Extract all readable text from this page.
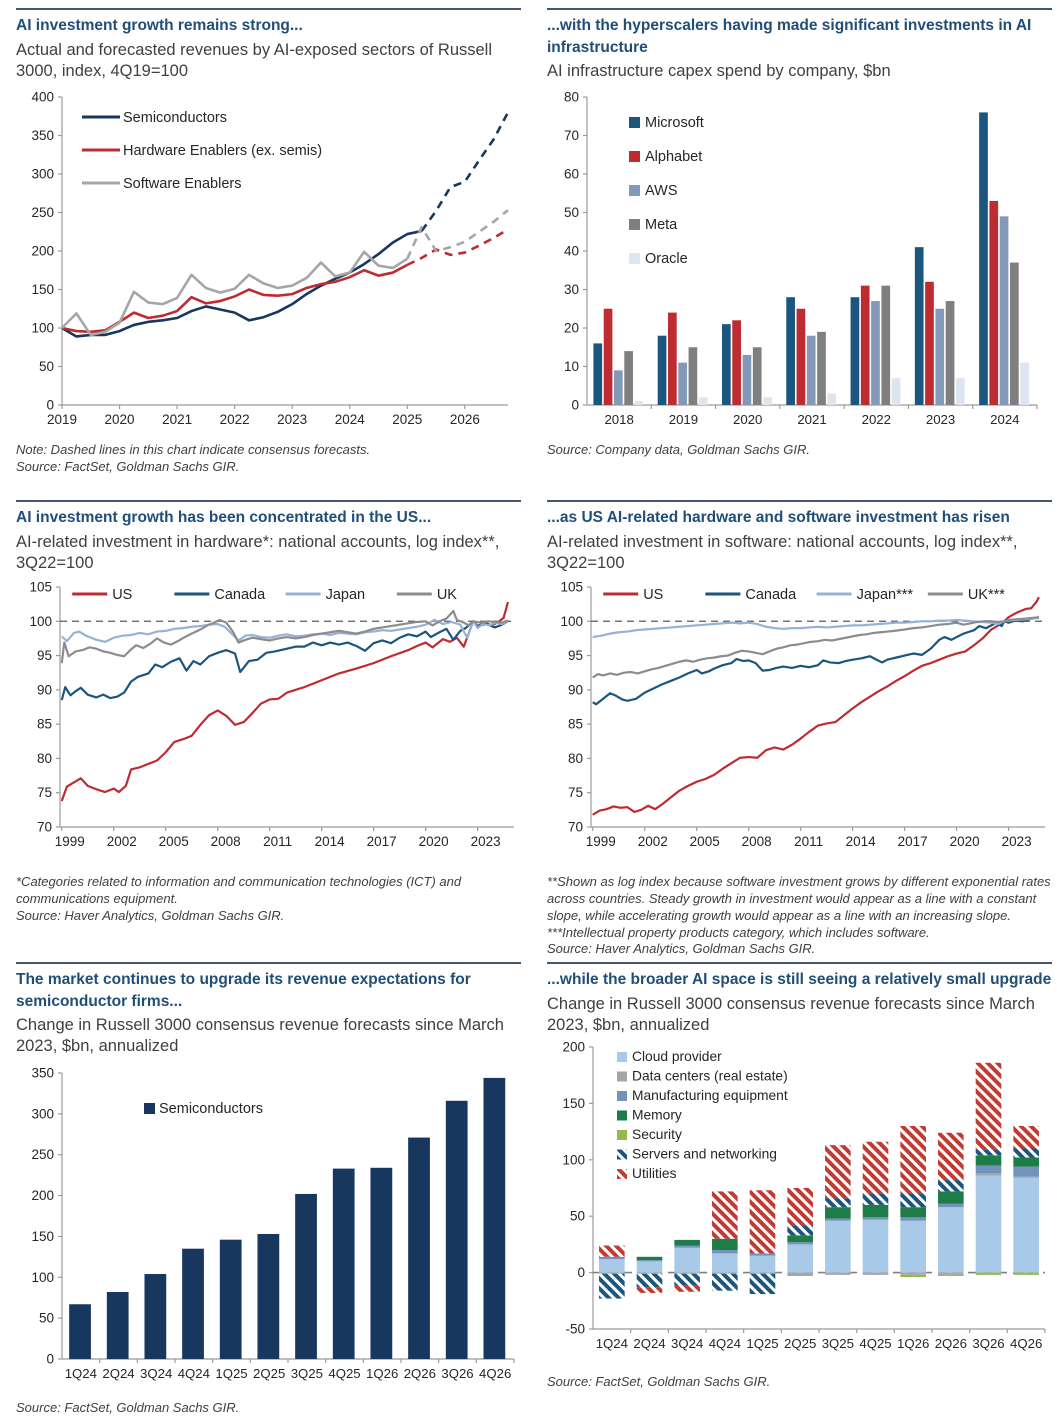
AI investment growth remains strong...
Actual and forecasted revenues by AI-exposed sectors of Russell 3000, index, 4Q19=100
0
50
100
150
200
250
300
350
400
2019 2020 2021 2022 2023 2024 2025 2026
Semiconductors
Hardware Enablers (ex. semis)
Software Enablers
Note: Dashed lines in this chart indicate consensus forecasts.
Source: FactSet, Goldman Sachs GIR.
...with the hyperscalers having made significant investments in AI infrastructure
AI infrastructure capex spend by company, $bn
0
10
20
30
40
50
60
70
80
2018	2019	2020	2021	2022	2023	2024
Microsoft
Alphabet
AWS
Meta
Oracle
Source: Company data, Goldman Sachs GIR.
AI investment growth has been concentrated in the US...
AI-related investment in hardware*: national accounts, log index**, 3Q22=100
70
75
80
85
90
95
100
105
1999 2002 2005 2008 2011 2014 2017 2020 2023
US	Canada	Japan	UK
*Categories related to information and communication technologies (ICT) and communications equipment.
Source: Haver Analytics, Goldman Sachs GIR.
...as US AI-related hardware and software investment has risen
AI-related investment in software: national accounts, log index**, 3Q22=100
70
75
80
85
90
95
100
105
1999 2002 2005 2008 2011 2014 2017 2020 2023
US	Canada	Japan***	UK***
**Shown as log index because software investment grows by different exponential rates across countries. Steady growth in investment would appear as a line with a constant slope, while accelerating growth would appear as a line with an increasing slope.
***Intellectual property products category, which includes software.
Source: Haver Analytics, Goldman Sachs GIR.
The market continues to upgrade its revenue expectations for semiconductor firms...
Change in Russell 3000 consensus revenue forecasts since March 2023, $bn, annualized
0
50
100
150
200
250
300
350
1Q24 2Q24 3Q24 4Q24 1Q25 2Q25 3Q25 4Q25 1Q26 2Q26 3Q26 4Q26
Semiconductors
Source: FactSet, Goldman Sachs GIR.
...while the broader AI space is still seeing a relatively small upgrade
Change in Russell 3000 consensus revenue forecasts since March 2023, $bn, annualized
-50
0
50
100
150
200
1Q24 2Q24 3Q24 4Q24 1Q25 2Q25 3Q25 4Q25 1Q26 2Q26 3Q26 4Q26
Cloud provider
Data centers (real estate)
Manufacturing equipment
Memory
Security
Servers and networking
Utilities
Source: FactSet, Goldman Sachs GIR.
